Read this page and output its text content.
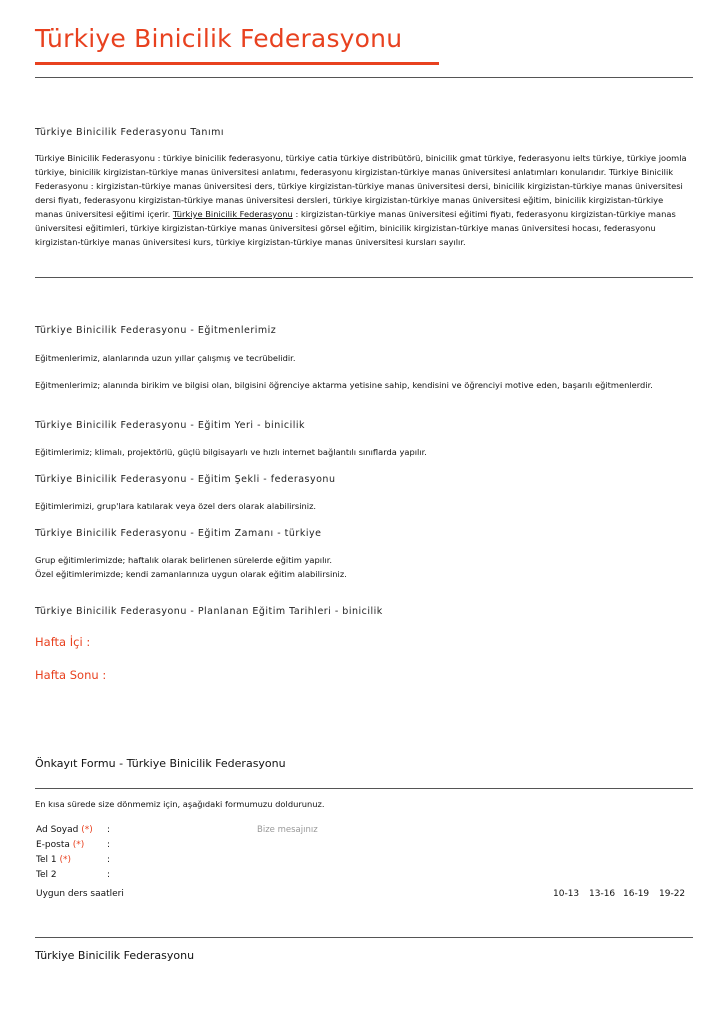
Türkiye Binicilik Federasyonu
Türkiye Binicilik Federasyonu Tanımı
Türkiye Binicilik Federasyonu : türkiye binicilik federasyonu, türkiye catia türkiye distribütörü, binicilik gmat türkiye, federasyonu ielts türkiye, türkiye joomla türkiye, binicilik kirgizistan-türkiye manas üniversitesi anlatımı, federasyonu kirgizistan-türkiye manas üniversitesi anlatımları konularıdır. Türkiye Binicilik Federasyonu : kirgizistan-türkiye manas üniversitesi ders, türkiye kirgizistan-türkiye manas üniversitesi dersi, binicilik kirgizistan-türkiye manas üniversitesi dersi fiyatı, federasyonu kirgizistan-türkiye manas üniversitesi dersleri, türkiye kirgizistan-türkiye manas üniversitesi eğitim, binicilik kirgizistan-türkiye manas üniversitesi eğitimi içerir. Türkiye Binicilik Federasyonu : kirgizistan-türkiye manas üniversitesi eğitimi fiyatı, federasyonu kirgizistan-türkiye manas üniversitesi eğitimleri, türkiye kirgizistan-türkiye manas üniversitesi görsel eğitim, binicilik kirgizistan-türkiye manas üniversitesi hocası, federasyonu kirgizistan-türkiye manas üniversitesi kurs, türkiye kirgizistan-türkiye manas üniversitesi kursları sayılır.
Türkiye Binicilik Federasyonu - Eğitmenlerimiz
Eğitmenlerimiz, alanlarında uzun yıllar çalışmış ve tecrübelidir.
Eğitmenlerimiz; alanında birikim ve bilgisi olan, bilgisini öğrenciye aktarma yetisine sahip, kendisini ve öğrenciyi motive eden, başarılı eğitmenlerdir.
Türkiye Binicilik Federasyonu - Eğitim Yeri - binicilik
Eğitimlerimiz; klimalı, projektörlü, güçlü bilgisayarlı ve hızlı internet bağlantılı sınıflarda yapılır.
Türkiye Binicilik Federasyonu - Eğitim Şekli - federasyonu
Eğitimlerimizi, grup'lara katılarak veya özel ders olarak alabilirsiniz.
Türkiye Binicilik Federasyonu - Eğitim Zamanı - türkiye
Grup eğitimlerimizde; haftalık olarak belirlenen sürelerde eğitim yapılır.
Özel eğitimlerimizde; kendi zamanlarınıza uygun olarak eğitim alabilirsiniz.
Türkiye Binicilik Federasyonu - Planlanan Eğitim Tarihleri - binicilik
Hafta İçi :
Hafta Sonu :
Önkayıt Formu - Türkiye Binicilik Federasyonu
En kısa sürede size dönmemiz için, aşağıdaki formumuzu doldurunuz.
Ad Soyad (*) :	Bize mesajınız
E-posta (*)	:
Tel 1 (*)	:
Tel 2	:
Uygun ders saatleri	10-13 13-16 16-19 19-22
Türkiye Binicilik Federasyonu
